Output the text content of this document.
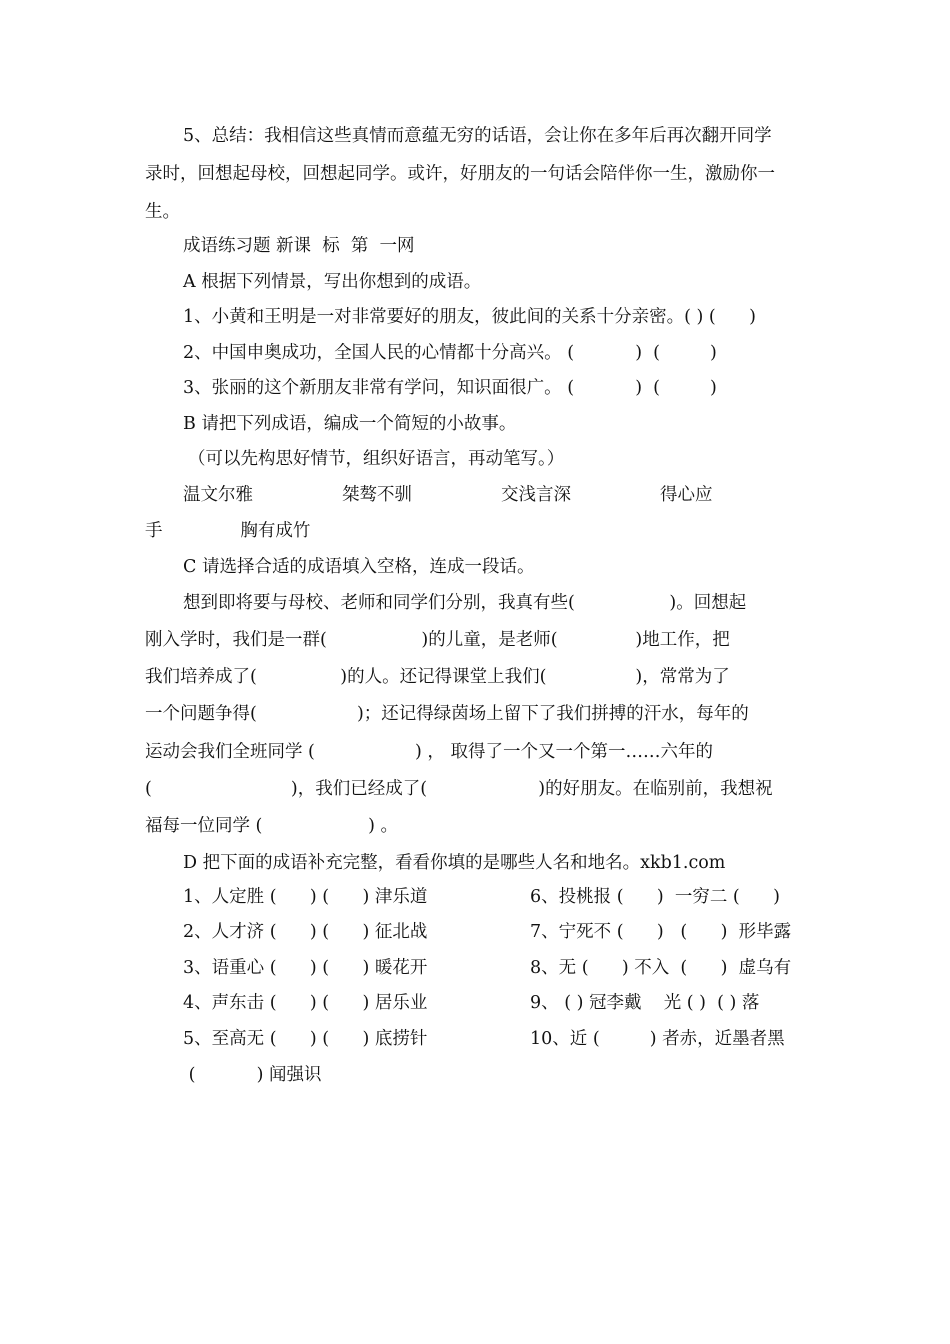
5、总结：我相信这些真情而意蕴无穷的话语，会让你在多年后再次翻开同学
录时，回想起母校，回想起同学。或许，好朋友的一句话会陪伴你一生，激励你一
生。
成语练习题 新课  标  第  一网
A 根据下列情景，写出你想到的成语。
1、小黄和王明是一对非常要好的朋友，彼此间的关系十分亲密。( ) (      )
2、中国申奥成功，全国人民的心情都十分高兴。 (           )  (         )
3、张丽的这个新朋友非常有学问，知识面很广。 (           )  (         )
B 请把下列成语，编成一个简短的小故事。
（可以先构思好情节，组织好语言，再动笔写。）
温文尔雅                桀骜不驯                交浅言深                得心应
手              胸有成竹
C 请选择合适的成语填入空格，连成一段话。
想到即将要与母校、老师和同学们分别，我真有些(                 )。回想起
刚入学时，我们是一群(                 )的儿童，是老师(              )地工作，把
我们培养成了(               )的人。还记得课堂上我们(                )，常常为了
一个问题争得(                  )；还记得绿茵场上留下了我们拼搏的汗水，每年的
运动会我们全班同学 (                  ) ， 取得了一个又一个第一……六年的
(                         )，我们已经成了(                    )的好朋友。在临别前，我想祝
福每一位同学 (                   ) 。
D 把下面的成语补充完整，看看你填的是哪些人名和地名。xkb1.com
1、人定胜 (      ) (      ) 津乐道	6、投桃报 (      )  一穷二 (      )
2、人才济 (      ) (      ) 征北战	7、宁死不 (      )   (      )  形毕露
3、语重心 (      ) (      ) 暖花开	8、无 (      ) 不入  (      )  虚乌有
4、声东击 (      ) (      ) 居乐业	9、 ( ) 冠李戴    光 ( )  ( ) 落
5、至高无 (      ) (      ) 底捞针	10、近 (         ) 者赤，近墨者黑
(           ) 闻强识
